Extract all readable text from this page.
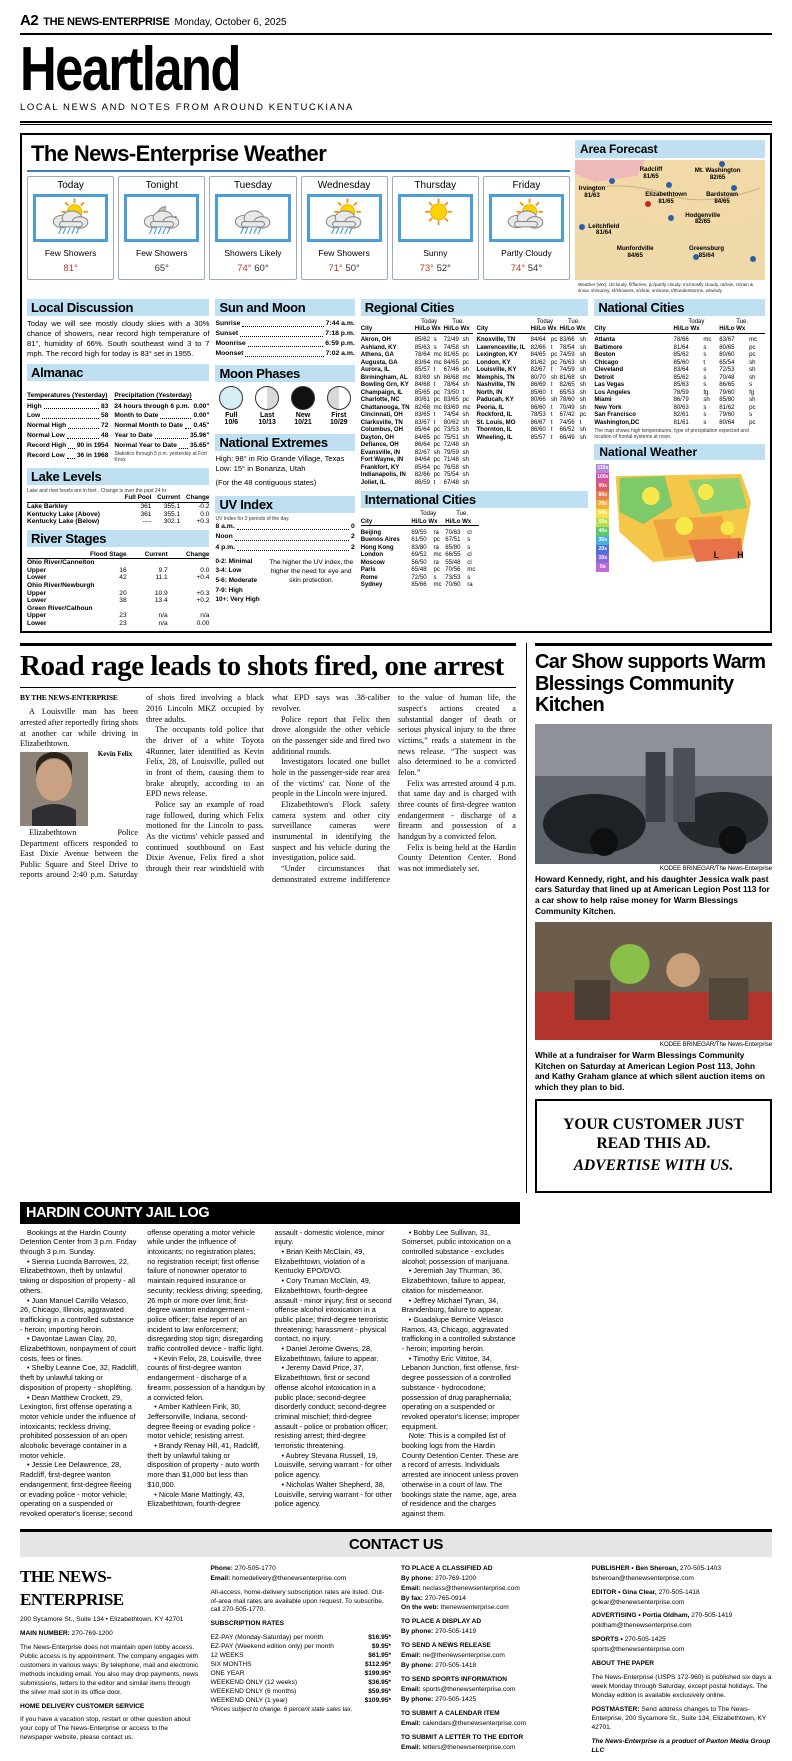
A2 THE NEWS-ENTERPRISE Monday, October 6, 2025
Heartland
LOCAL NEWS AND NOTES FROM AROUND KENTUCKIANA
The News-Enterprise Weather
Today
Few Showers
81°
Tonight
Few Showers
65°
Tuesday
Showers Likely
74° 60°
Wednesday
Few Showers
71° 50°
Thursday
Sunny
73° 52°
Friday
Partly Cloudy
74° 54°
Area Forecast
Radcliff
81/65
Mt. Washington
82/65
Irvington
81/63	Elizabethtown
81/65
Bardstown
84/65
Hodgenville
82/65
Leitchfield
81/64
Munfordville
84/65
Greensburg
85/64
Weather (Wx): cl/cloudy, fl/flurries, pc/partly cloudy, mc/mostly cloudy, ra/rain, rs/rain & snow, sh/sunny, sf/showers, s/clear, sn/snow, t/thunderstorms, w/windy
Local Discussion
Today we will see mostly cloudy skies with a 30% chance of showers, near record high temperature of 81°, humidity of 66%. South southeast wind 3 to 7 mph. The record high for today is 83° set in 1955.
Almanac
Temperatures (Yesterday)
High	83
Low	58
Normal High	72
Normal Low	48
Record High 90 in 1954
Record Low 36 in 1968
Precipitation (Yesterday)
24 hours through 6 p.m. 0.00"
Month to Date	0.00"
Normal Month to Date 0.45"
Year to Date	35.96"
Normal Year to Date 35.65"
Statistics through 5 p.m. yesterday at Fort Knox
Lake Levels
Lake and river levels are in feet . Change is over the past 24 hr
	Full Pool	Current	Change
Lake Barkley	361	355.1	-0.2
Kentucky Lake (Above)	361	355.1	0.0
Kentucky Lake (Below)	----	302.1	+0.3
River Stages
	Flood Stage	Current	Change
Ohio River/Cannelton			
Upper	16	9.7	0.0
Lower	42	11.1	+0.4
Ohio River/Newburgh			
Upper	20	10.9	+0.3
Lower	38	13.4	+0.2
Green River/Calhoun			
Upper	23	n/a	n/a
Lower	23	n/a	0.00
Sun and Moon
Sunrise	7:44 a.m.
Sunset	7:18 p.m.
Moonrise	6:59 p.m.
Moonset	7:02 a.m.
Moon Phases
Full
10/6
Last
10/13
New
10/21
First
10/29
National Extremes
High: 98° in Rio Grande Village, Texas
Low: 15° in Bonanza, Utah
(For the 48 contiguous states)
UV Index
UV Index for 3 periods of the day.
8 a.m.	0
Noon	2
4 p.m.	2
0-2: Minimal
3-4: Low
5-6: Moderate
7-9: High
10+: Very High
The higher the UV index, the higher the need for eye and skin protection.
Regional Cities
	Today		Tue.	
City	Hi/Lo Wx		Hi/Lo Wx	

Akron, OH	85/62	s	72/49	sh
Ashland, KY	85/63	s	74/58	sh
Athens, GA	78/64	mc	81/65	pc
Augusta, GA	83/64	mc	84/65	pc
Aurora, IL	85/57	t	67/46	sh
Birmingham, AL	83/69	sh	86/68	mc
Bowling Grn, KY	84/68	t	78/64	sh
Champaign, IL	85/65	pc	73/50	t
Charlotte, NC	80/61	pc	83/65	pc
Chattanooga, TN	82/68	mc	83/69	mc
Cincinnati, OH	83/65	t	74/54	sh
Clarksville, TN	83/67	t	80/62	sh
Columbus, OH	85/64	pc	73/53	sh
Dayton, OH	84/65	pc	75/51	sh
Defiance, OH	86/64	pc	72/48	sh
Evansville, IN	82/67	sh	79/59	sh
Fort Wayne, IN	84/64	pc	71/48	sh
Frankfort, KY	85/64	pc	76/58	sh
Indianapolis, IN	82/66	pc	75/54	sh
Joliet, IL	86/59	t	67/48	sh
	Today		Tue.	
City	Hi/Lo Wx		Hi/Lo Wx	

Knoxville, TN	84/64	pc	83/66	sh
Lawrenceville, IL	82/66	t	78/54	sh
Lexington, KY	84/65	pc	74/59	sh
London, KY	81/62	pc	76/63	sh
Louisville, KY	82/67	t	74/59	sh
Memphis, TN	80/70	sh	81/68	sh
Nashville, TN	86/69	t	82/65	sh
North, IN	85/60	t	65/53	sh
Paducah, KY	80/66	sh	78/60	sh
Peoria, IL	86/60	t	70/49	sh
Rockford, IL	78/53	t	67/42	pc
St. Louis, MO	86/67	t	74/56	t
Thornton, IL	86/60	t	66/52	sh
Wheeling, IL	85/57	t	66/49	sh
International Cities
	Today		Tue.	
City	Hi/Lo Wx		Hi/Lo Wx	

Beijing	69/55	ra	70/63	cl
Buenos Aires	61/50	pc	67/51	s
Hong Kong	83/80	ra	85/80	s
London	69/52	mc	66/55	cl
Moscow	56/50	ra	55/48	cl
Paris	65/48	pc	70/56	mc
Rome	72/50	s	73/53	s
Sydney	85/66	mc	70/60	ra
National Cities
	Today		Tue.	
City	Hi/Lo Wx		Hi/Lo Wx	

Atlanta	78/66	mc	83/67	mc
Baltimore	81/64	s	80/65	pc
Boston	85/62	s	80/60	pc
Chicago	85/60	t	65/54	sh
Cleveland	83/64	s	72/53	sh
Detroit	85/62	s	70/48	sh
Las Vegas	85/63	s	86/65	s
Los Angeles	78/59	fg	79/60	fg
Miami	86/79	sh	85/80	sh
New York	80/63	s	81/62	pc
San Francisco	82/61	s	79/60	s
Washington,DC	81/61	s	80/64	pc
The map shows high temperatures, type of precipitation expected and location of frontal systems at noon.
National Weather
L H
110s
100s
90s
80s
70s
60s
50s
40s
30s
20s
10s
0s
Road rage leads to shots fired, one arrest
BY THE NEWS-ENTERPRISE

A Louisville man has been arrested after reportedly firing shots at another car while driving in Elizabethtown.

Kevin Felix

Elizabethtown Police Department officers responded to East Dixie Avenue between the Public Square and Steel Drive to reports around 2:40 p.m. Saturday of shots fired involving a black 2016 Lincoln MKZ occupied by three adults.

The occupants told police that the driver of a white Toyota 4Runner, later identified as Kevin Felix, 28, of Louisville, pulled out in front of them, causing them to brake abruptly, according to an EPD news release.

Police say an example of road rage followed, during which Felix motioned for the Lincoln to pass. As the victims' vehicle passed and continued southbound on East Dixie Avenue, Felix fired a shot through their rear windshield with what EPD says was .38-caliber revolver.

Police report that Felix then drove alongside the other vehicle on the passenger side and fired two additional rounds.

Investigators located one bullet hole in the passenger-side rear area of the victims' car. None of the people in the Lincoln were injured.

Elizabethtown's Flock safety camera system and other city surveillance cameras were instrumental in identifying the suspect and his vehicle during the investigation, police said.

“Under circumstances that demonstrated extreme indifference to the value of human life, the suspect's actions created a substantial danger of death or serious physical injury to the three victims,” reads a statement in the news release. “The suspect was also determined to be a convicted felon.”

Felix was arrested around 4 p.m. that same day and is charged with three counts of first-degree wanton endangerment - discharge of a firearm and possession of a handgun by a convicted felon.

Felix is being held at the Hardin County Detention Center. Bond was not immediately set.

Car Show supports Warm Blessings Community Kitchen
KODEE BRINEGAR/The News-Enterprise
Howard Kennedy, right, and his daughter Jessica walk past cars Saturday that lined up at American Legion Post 113 for a car show to help raise money for Warm Blessings Community Kitchen.
KODEE BRINEGAR/The News-Enterprise
While at a fundraiser for Warm Blessings Community Kitchen on Saturday at American Legion Post 113, John and Kathy Graham glance at which silent auction items on which they plan to bid.
YOUR CUSTOMER JUST READ THIS AD.
ADVERTISE WITH US.
HARDIN COUNTY JAIL LOG

Bookings at the Hardin County Detention Center from 3 p.m. Friday through 3 p.m. Sunday.

• Sienna Lucinda Barrowes, 22, Elizabethtown, theft by unlawful taking or disposition of property - all others.

• Juan Manuel Carrillo Velasco, 26, Chicago, Illinois, aggravated trafficking in a controlled substance - heroin; importing heroin.

• Davontae Lawan Clay, 20, Elizabethtown, nonpayment of court costs, fees or fines.

• Shelby Leanne Coe, 32, Radcliff, theft by unlawful taking or disposition of property - shoplifting.

• Dean Matthew Crockett, 29, Lexington, first offense operating a motor vehicle under the influence of intoxicants; reckless driving; prohibited possession of an open alcoholic beverage container in a motor vehicle.

• Jessie Lee Delawrence, 28, Radcliff, first-degree wanton endangerment; first-degree fleeing or evading police - motor vehicle; operating on a suspended or revoked operator's license; second offense operating a motor vehicle while under the influence of intoxicants; no registration plates; no registration receipt; first offense failure of nonowner operator to maintain required insurance or security; reckless driving; speeding, 26 mph or more over limit; first-degree wanton endangerment - police officer; false report of an incident to law enforcement; disregarding stop sign; disregarding traffic controlled device - traffic light.

• Kevin Felix, 28, Louisville, three counts of first-degree wanton endangerment - discharge of a firearm; possession of a handgun by a convicted felon.

• Amber Kathleen Fink, 30, Jeffersonville, Indiana, second-degree fleeing or evading police - motor vehicle; resisting arrest.

• Brandy Renay Hill, 41, Radcliff, theft by unlawful taking or disposition of property - auto worth more than $1,000 but less than $10,000.

• Nicole Marie Mattingly, 43, Elizabethtown, fourth-degree assault - domestic violence, minor injury.

• Brian Keith McClain, 49, Elizabethtown, violation of a Kentucky EPO/DVO.

• Cory Truman McClain, 49, Elizabethtown, fourth-degree assault - minor injury; first or second offense alcohol intoxication in a public place; third-degree terroristic threatening; harassment - physical contact, no injury.

• Daniel Jerome Owens, 28, Elizabethtown, failure to appear.

• Jeremy David Price, 37, Elizabethtown, first or second offense alcohol intoxication in a public place; second-degree disorderly conduct; second-degree criminal mischief; third-degree assault - police or probation officer; resisting arrest; third-degree terroristic threatening.

• Aubrey Stevana Russell, 19, Louisville, serving warrant - for other police agency.

• Nicholas Walter Shepherd, 38, Louisville, serving warrant - for other police agency.

• Bobby Lee Sullivan, 31, Somerset, public intoxication on a controlled substance - excludes alcohol; possession of marijuana.

• Jeremiah Jay Thurman, 36, Elizabethtown, failure to appear, citation for misdemeanor.

• Jeffrey Michael Tynan, 34, Brandenburg, failure to appear.

• Guadalupe Bernice Velasco Ramos, 43, Chicago, aggravated trafficking in a controlled substance - heroin; importing heroin.

• Timothy Eric Vittitoe, 34, Lebanon Junction, first offense, first-degree possession of a controlled substance - hydrocodone; possession of drug paraphernalia; operating on a suspended or revoked operator's license; improper equipment.

Note: This is a compiled list of booking logs from the Hardin County Detention Center. These are a record of arrests. Individuals arrested are innocent unless proven otherwise in a court of law. The bookings state the name, age, area of residence and the charges against them.

CONTACT US
THE NEWS-ENTERPRISE

200 Sycamore St., Suite 134 • Elizabethtown, KY 42701

MAIN NUMBER: 270-769-1200

The News-Enterprise does not maintain open lobby access. Public access is by appointment. The company engages with customers in various ways: By telephone, mail and electronic methods including email. You also may drop payments, news submissions, letters to the editor and similar items through the silver mail slot in its office door.

HOME DELIVERY CUSTOMER SERVICE

If you have a vacation stop, restart or other question about your copy of The News-Enterprise or access to the newspaper website, please contact us.

Phone: 270-505-1770

Email: homedelivery@thenewsenterprise.com

All-access, home-delivery subscription rates are listed. Out-of-area mail rates are available upon request. To subscribe, call 270-505-1770.

SUBSCRIPTION RATES

EZ-PAY (Monday-Saturday) per month	$16.95*
EZ-PAY (Weekend edition only) per month	$9.95*
12 WEEKS	$61.95*
SIX MONTHS	$112.95*
ONE YEAR	$199.95*
WEEKEND ONLY (12 weeks)	$36.95*
WEEKEND ONLY (6 months)	$59.95*
WEEKEND ONLY (1 year)	$109.95*

*Prices subject to change. 6 percent state sales tax.

TO PLACE A CLASSIFIED AD

By phone: 270-769-1200

Email: neclass@thenewsenterprise.com

By fax: 270-765-0914

On the web: thenewsenterprise.com

TO PLACE A DISPLAY AD

By phone: 270-505-1419

TO SEND A NEWS RELEASE

Email: ne@thenewsenterprise.com

By phone: 270-505-1418

TO SEND SPORTS INFORMATION

Email: sports@thenewsenterprise.com

By phone: 270-505-1425

TO SUBMIT A CALENDAR ITEM

Email: calendars@thenewsenterprise.com

TO SUBMIT A LETTER TO THE EDITOR

Email: letters@thenewsenterprise.com

PUBLISHER • Ben Sheroan, 270-505-1403

bsheroan@thenewsenterprise.com

EDITOR • Gina Clear, 270-505-1418

gclear@thenewsenterprise.com

ADVERTISING • Portia Oldham, 270-505-1419

poldham@thenewsenterprise.com

SPORTS • 270-505-1425

sports@thenewsenterprise.com

ABOUT THE PAPER

The News-Enterprise (USPS 172-960) is published six days a week Monday through Saturday, except postal holidays. The Monday edition is available exclusively online.

POSTMASTER: Send address changes to The News-Enterprise, 200 Sycamore St., Suite 134, Elizabethtown, KY 42701.

The News-Enterprise is a product of Paxton Media Group LLC
